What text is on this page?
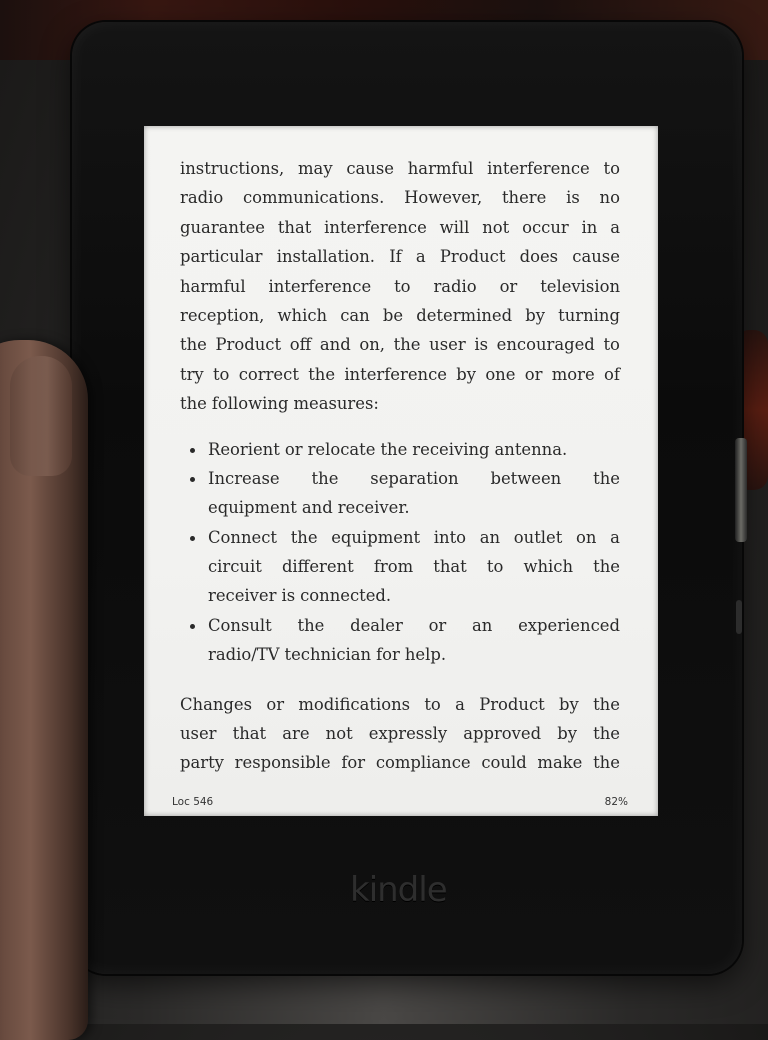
instructions, may cause harmful interference to
radio communications. However, there is no
guarantee that interference will not occur in a
particular installation. If a Product does cause
harmful interference to radio or television
reception, which can be determined by turning
the Product off and on, the user is encouraged to
try to correct the interference by one or more of
the following measures:
Reorient or relocate the receiving antenna.
Increase the separation between the
equipment and receiver.
Connect the equipment into an outlet on a
circuit different from that to which the
receiver is connected.
Consult the dealer or an experienced
radio/TV technician for help.
Changes or modifications to a Product by the
user that are not expressly approved by the
party responsible for compliance could make the
Loc 546	82%
kindle
